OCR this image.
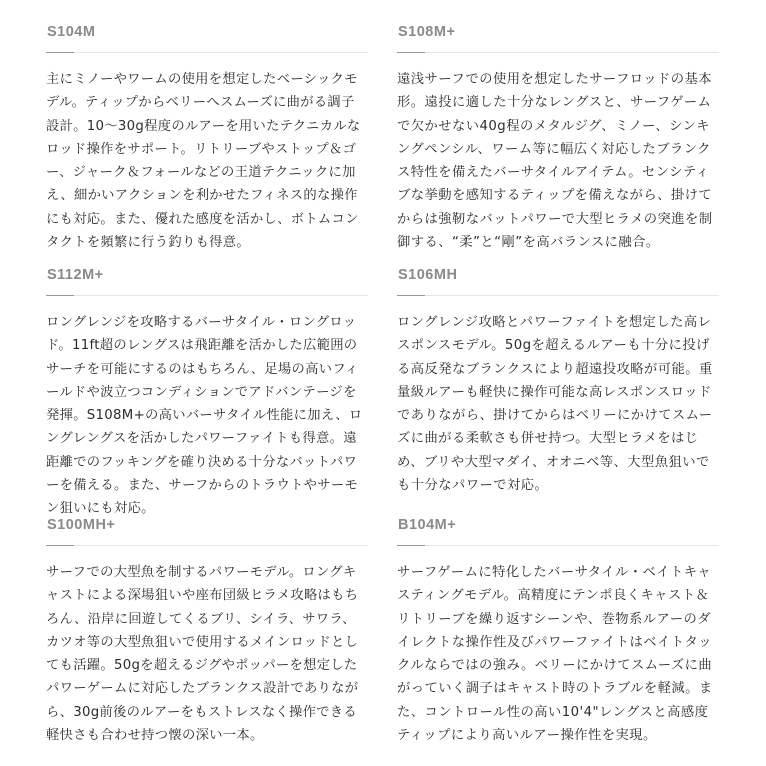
S104M

主にミノーやワームの使用を想定したベーシックモデル。ティップからベリーへスムーズに曲がる調子設計。10～30g程度のルアーを用いたテクニカルなロッド操作をサポート。リトリーブやストップ＆ゴー、ジャーク＆フォールなどの王道テクニックに加え、細かいアクションを利かせたフィネス的な操作にも対応。また、優れた感度を活かし、ボトムコンタクトを頻繁に行う釣りも得意。

S108M+

遠浅サーフでの使用を想定したサーフロッドの基本形。遠投に適した十分なレングスと、サーフゲームで欠かせない40g程のメタルジグ、ミノー、シンキングペンシル、ワーム等に幅広く対応したブランクス特性を備えたバーサタイルアイテム。センシティブな挙動を感知するティップを備えながら、掛けてからは強靭なバットパワーで大型ヒラメの突進を制御する、“柔”と“剛”を高バランスに融合。

S112M+

ロングレンジを攻略するバーサタイル・ロングロッド。11ft超のレングスは飛距離を活かした広範囲のサーチを可能にするのはもちろん、足場の高いフィールドや波立つコンディションでアドバンテージを発揮。S108M+の高いバーサタイル性能に加え、ロングレングスを活かしたパワーファイトも得意。遠距離でのフッキングを確り決める十分なバットパワーを備える。また、サーフからのトラウトやサーモン狙いにも対応。

S106MH

ロングレンジ攻略とパワーファイトを想定した高レスポンスモデル。50gを超えるルアーも十分に投げる高反発なブランクスにより超遠投攻略が可能。重量級ルアーも軽快に操作可能な高レスポンスロッドでありながら、掛けてからはベリーにかけてスムーズに曲がる柔軟さも併せ持つ。大型ヒラメをはじめ、ブリや大型マダイ、オオニベ等、大型魚狙いでも十分なパワーで対応。

S100MH+

サーフでの大型魚を制するパワーモデル。ロングキャストによる深場狙いや座布団級ヒラメ攻略はもちろん、沿岸に回遊してくるブリ、シイラ、サワラ、カツオ等の大型魚狙いで使用するメインロッドとしても活躍。50gを超えるジグやポッパーを想定したパワーゲームに対応したブランクス設計でありながら、30g前後のルアーをもストレスなく操作できる軽快さも合わせ持つ懐の深い一本。

B104M+

サーフゲームに特化したバーサタイル・ベイトキャスティングモデル。高精度にテンポ良くキャスト＆リトリーブを繰り返すシーンや、巻物系ルアーのダイレクトな操作性及びパワーファイトはベイトタックルならではの強み。ベリーにかけてスムーズに曲がっていく調子はキャスト時のトラブルを軽減。また、コントロール性の高い10'4"レングスと高感度ティップにより高いルアー操作性を実現。
